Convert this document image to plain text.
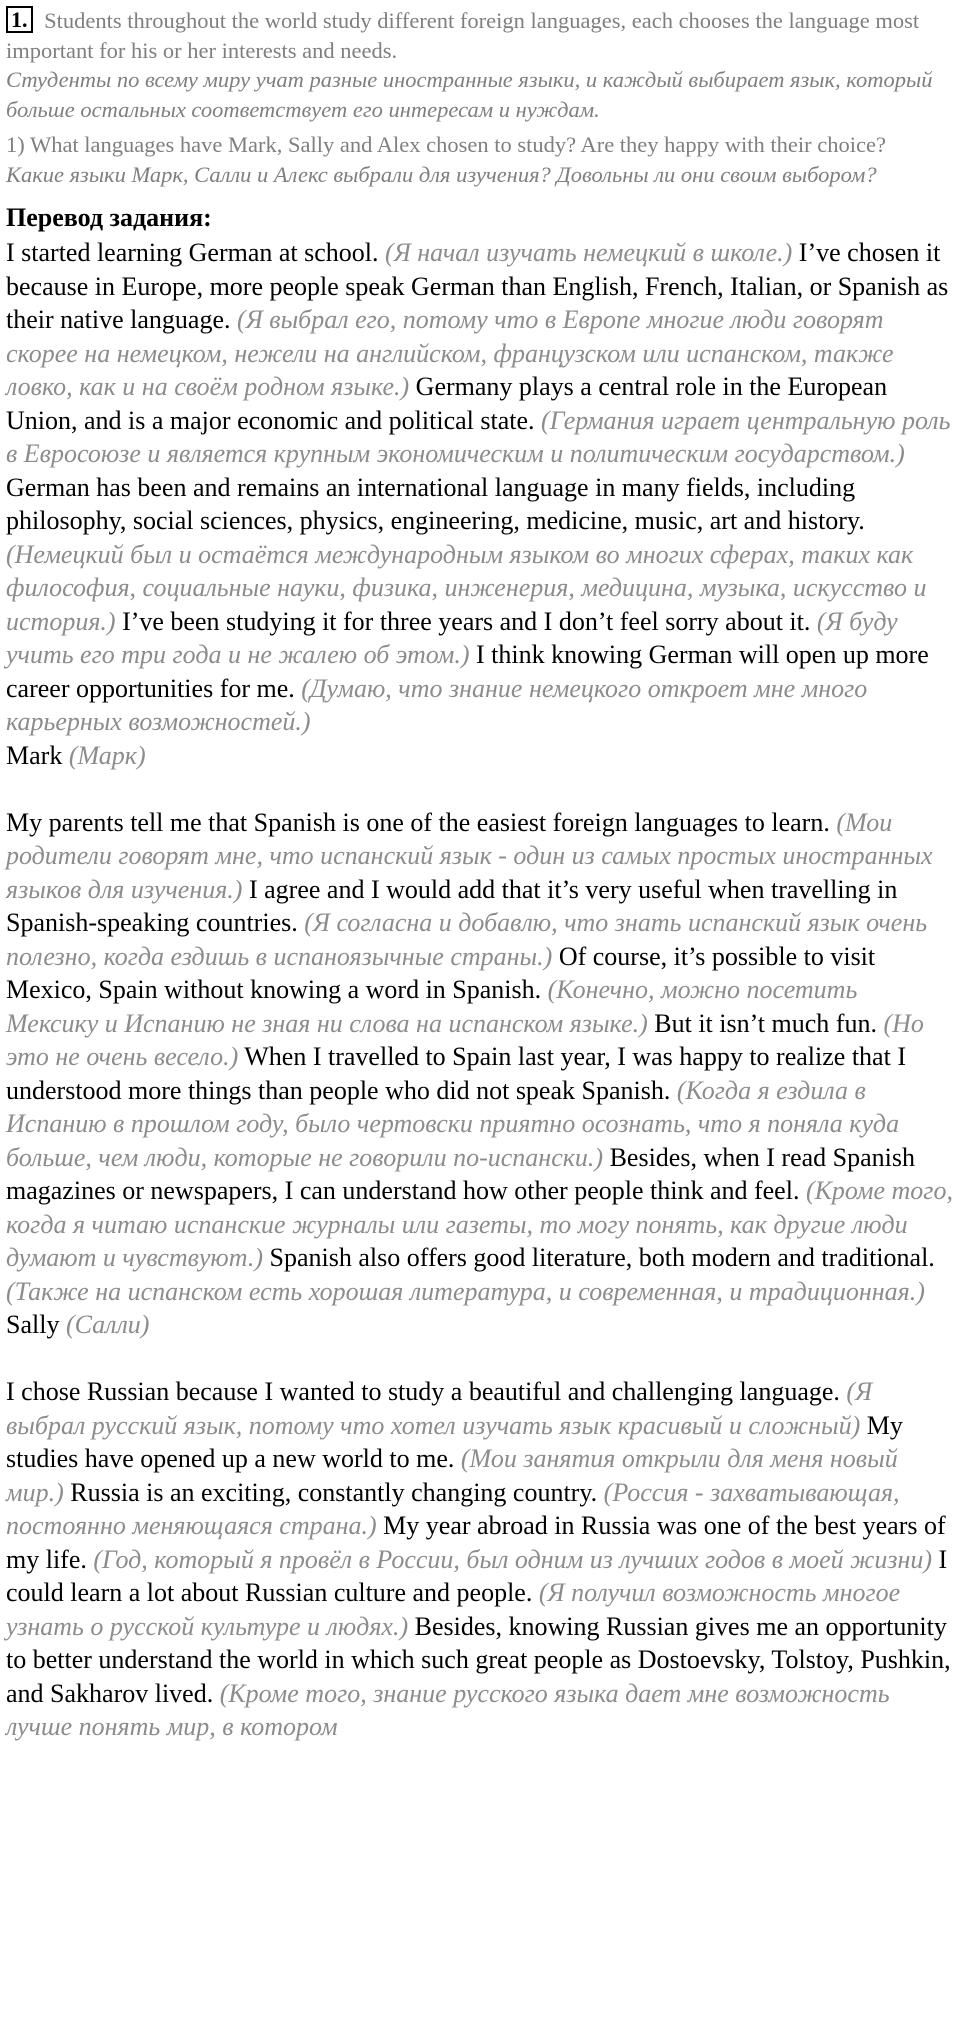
1. Students throughout the world study different foreign languages, each chooses the language most important for his or her interests and needs.

Студенты по всему миру учат разные иностранные языки, и каждый выбирает язык, который больше остальных соответствует его интересам и нуждам.

1) What languages have Mark, Sally and Alex chosen to study? Are they happy with their choice?

Какие языки Марк, Салли и Алекс выбрали для изучения? Довольны ли они своим выбором?

Перевод задания:

I started learning German at school. (Я начал изучать немецкий в школе.) I’ve chosen it because in Europe, more people speak German than English, French, Italian, or Spanish as their native language. (Я выбрал его, потому что в Европе многие люди говорят скорее на немецком, нежели на английском, французском или испанском, также ловко, как и на своём родном языке.) Germany plays a central role in the European Union, and is a major economic and political state. (Германия играет центральную роль в Евросоюзе и является крупным экономическим и политическим государством.) German has been and remains an international language in many fields, including philosophy, social sciences, physics, engineering, medicine, music, art and history. (Немецкий был и остаётся международным языком во многих сферах, таких как философия, социальные науки, физика, инженерия, медицина, музыка, искусство и история.) I’ve been studying it for three years and I don’t feel sorry about it. (Я буду учить его три года и не жалею об этом.) I think knowing German will open up more career opportunities for me. (Думаю, что знание немецкого откроет мне много карьерных возможностей.)

Mark (Марк)

My parents tell me that Spanish is one of the easiest foreign languages to learn. (Мои родители говорят мне, что испанский язык - один из самых простых иностранных языков для изучения.) I agree and I would add that it’s very useful when travelling in Spanish-speaking countries. (Я согласна и добавлю, что знать испанский язык очень полезно, когда ездишь в испаноязычные страны.) Of course, it’s possible to visit Mexico, Spain without knowing a word in Spanish. (Конечно, можно посетить Мексику и Испанию не зная ни слова на испанском языке.) But it isn’t much fun. (Но это не очень весело.) When I travelled to Spain last year, I was happy to realize that I understood more things than people who did not speak Spanish. (Когда я ездила в Испанию в прошлом году, было чертовски приятно осознать, что я поняла куда больше, чем люди, которые не говорили по-испански.) Besides, when I read Spanish magazines or newspapers, I can understand how other people think and feel. (Кроме того, когда я читаю испанские журналы или газеты, то могу понять, как другие люди думают и чувствуют.) Spanish also offers good literature, both modern and traditional. (Также на испанском есть хорошая литература, и современная, и традиционная.)

Sally (Салли)

I chose Russian because I wanted to study a beautiful and challenging language. (Я выбрал русский язык, потому что хотел изучать язык красивый и сложный) My studies have opened up a new world to me. (Мои занятия открыли для меня новый мир.) Russia is an exciting, constantly changing country. (Россия - захватывающая, постоянно меняющаяся страна.) My year abroad in Russia was one of the best years of my life. (Год, который я провёл в России, был одним из лучших годов в моей жизни) I could learn a lot about Russian culture and people. (Я получил возможность многое узнать о русской культуре и людях.) Besides, knowing Russian gives me an opportunity to better understand the world in which such great people as Dostoevsky, Tolstoy, Pushkin, and Sakharov lived. (Кроме того, знание русского языка дает мне возможность лучше понять мир, в котором
